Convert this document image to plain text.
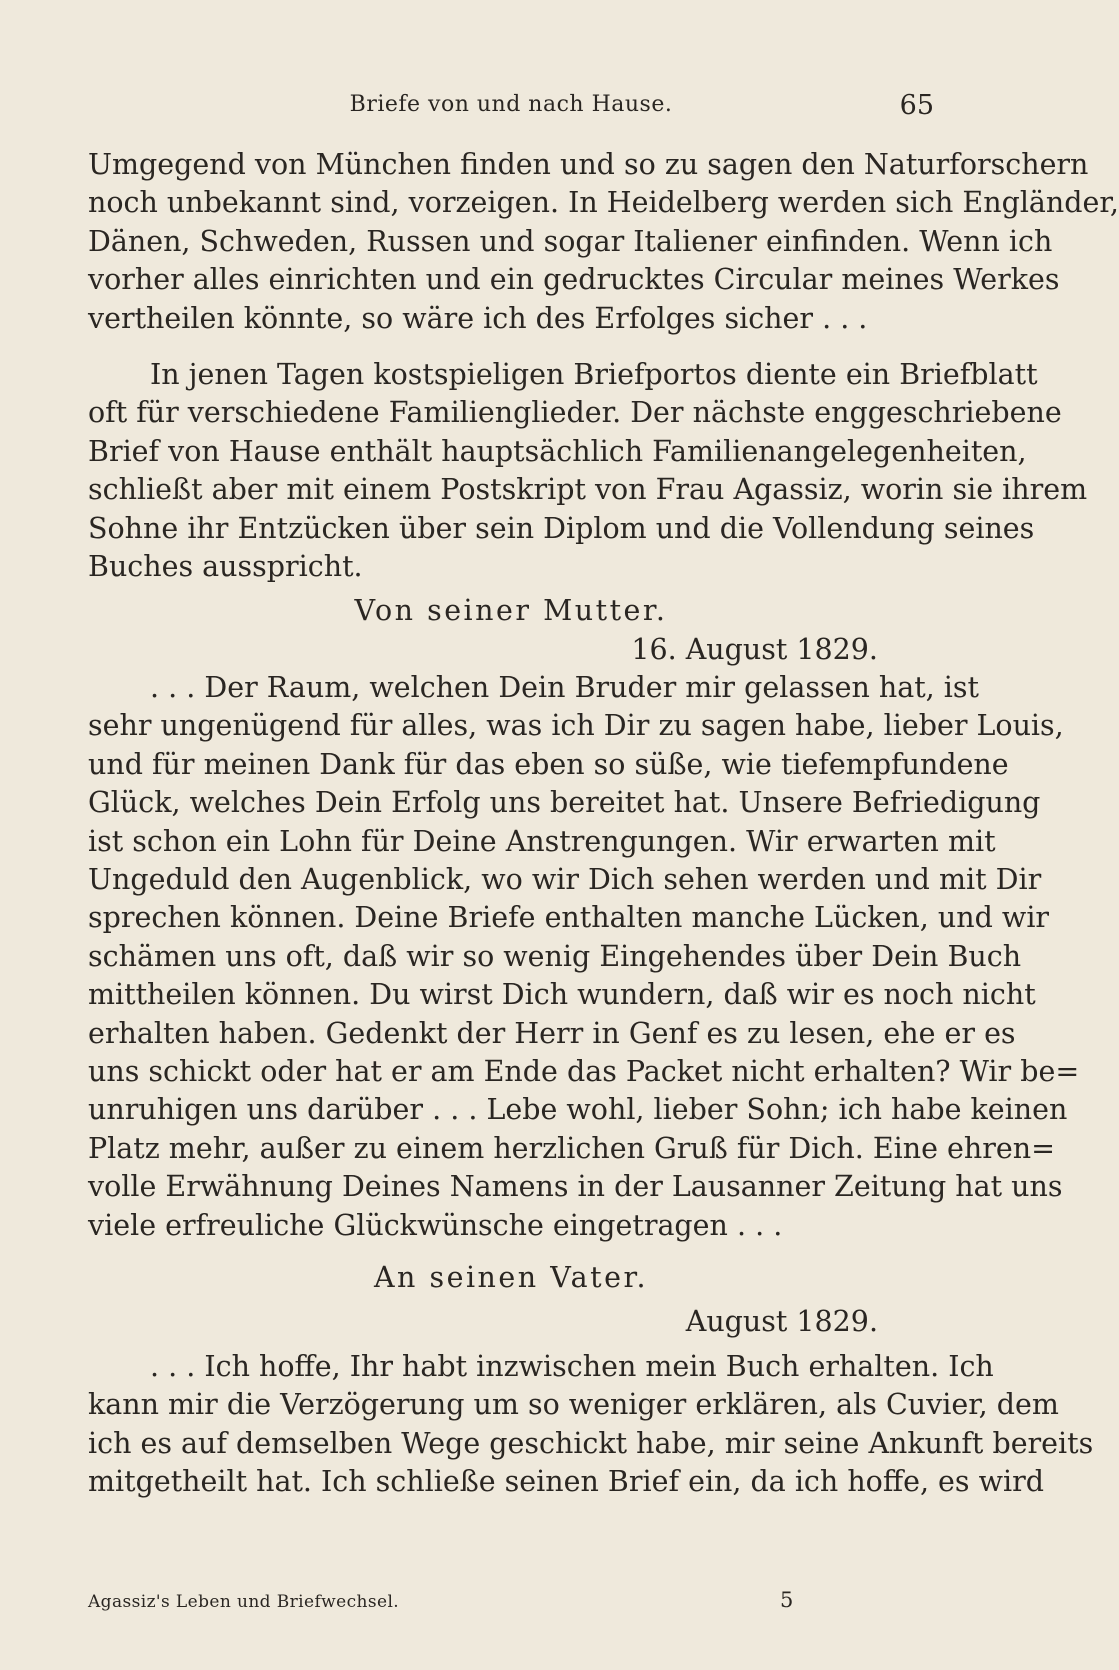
Briefe von und nach Hause.	65
Umgegend von München finden und so zu sagen den Naturforschern
noch unbekannt sind, vorzeigen. In Heidelberg werden sich Engländer,
Dänen, Schweden, Russen und sogar Italiener einfinden. Wenn ich
vorher alles einrichten und ein gedrucktes Circular meines Werkes
vertheilen könnte, so wäre ich des Erfolges sicher . . .
In jenen Tagen kostspieligen Briefportos diente ein Briefblatt
oft für verschiedene Familienglieder. Der nächste enggeschriebene
Brief von Hause enthält hauptsächlich Familienangelegenheiten,
schließt aber mit einem Postskript von Frau Agassiz, worin sie ihrem
Sohne ihr Entzücken über sein Diplom und die Vollendung seines
Buches ausspricht.
Von seiner Mutter.
16. August 1829.
. . . Der Raum, welchen Dein Bruder mir gelassen hat, ist
sehr ungenügend für alles, was ich Dir zu sagen habe, lieber Louis,
und für meinen Dank für das eben so süße, wie tiefempfundene
Glück, welches Dein Erfolg uns bereitet hat. Unsere Befriedigung
ist schon ein Lohn für Deine Anstrengungen. Wir erwarten mit
Ungeduld den Augenblick, wo wir Dich sehen werden und mit Dir
sprechen können. Deine Briefe enthalten manche Lücken, und wir
schämen uns oft, daß wir so wenig Eingehendes über Dein Buch
mittheilen können. Du wirst Dich wundern, daß wir es noch nicht
erhalten haben. Gedenkt der Herr in Genf es zu lesen, ehe er es
uns schickt oder hat er am Ende das Packet nicht erhalten? Wir be=
unruhigen uns darüber . . . Lebe wohl, lieber Sohn; ich habe keinen
Platz mehr, außer zu einem herzlichen Gruß für Dich. Eine ehren=
volle Erwähnung Deines Namens in der Lausanner Zeitung hat uns
viele erfreuliche Glückwünsche eingetragen . . .
An seinen Vater.
August 1829.
. . . Ich hoffe, Ihr habt inzwischen mein Buch erhalten. Ich
kann mir die Verzögerung um so weniger erklären, als Cuvier, dem
ich es auf demselben Wege geschickt habe, mir seine Ankunft bereits
mitgetheilt hat. Ich schließe seinen Brief ein, da ich hoffe, es wird
Agassiz's Leben und Briefwechsel.	5
